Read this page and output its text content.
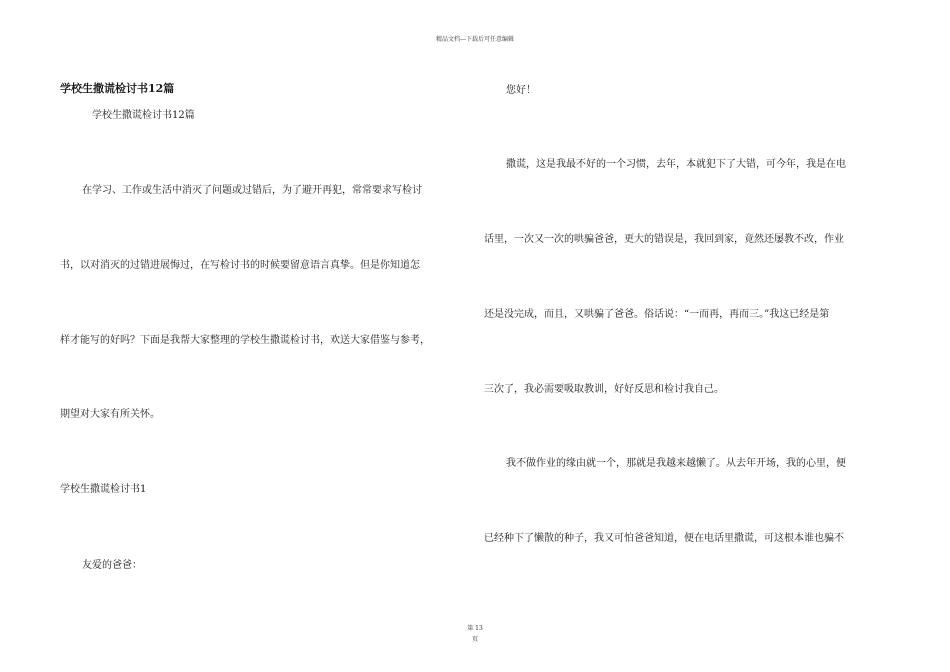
精品文档---下载后可任意编辑
学校生撒谎检讨书12篇
学校生撒谎检讨书12篇
在学习、工作或生活中消灭了问题或过错后，为了避开再犯，常常要求写检讨
书，以对消灭的过错进展悔过，在写检讨书的时候要留意语言真挚。但是你知道怎
样才能写的好吗？下面是我帮大家整理的学校生撒谎检讨书，欢送大家借鉴与参考，
期望对大家有所关怀。
学校生撒谎检讨书1
友爱的爸爸：
您好！
撒谎，这是我最不好的一个习惯，去年，本就犯下了大错，可今年，我是在电
话里，一次又一次的哄骗爸爸，更大的错误是，我回到家，竟然还屡教不改，作业
还是没完成，而且，又哄骗了爸爸。俗话说：“一而再，再而三。”我这已经是第
三次了，我必需要吸取教训，好好反思和检讨我自己。
我不做作业的缘由就一个，那就是我越来越懒了。从去年开场，我的心里，便
已经种下了懒散的种子，我又可怕爸爸知道，便在电话里撒谎，可这根本谁也骗不
第 13
页
